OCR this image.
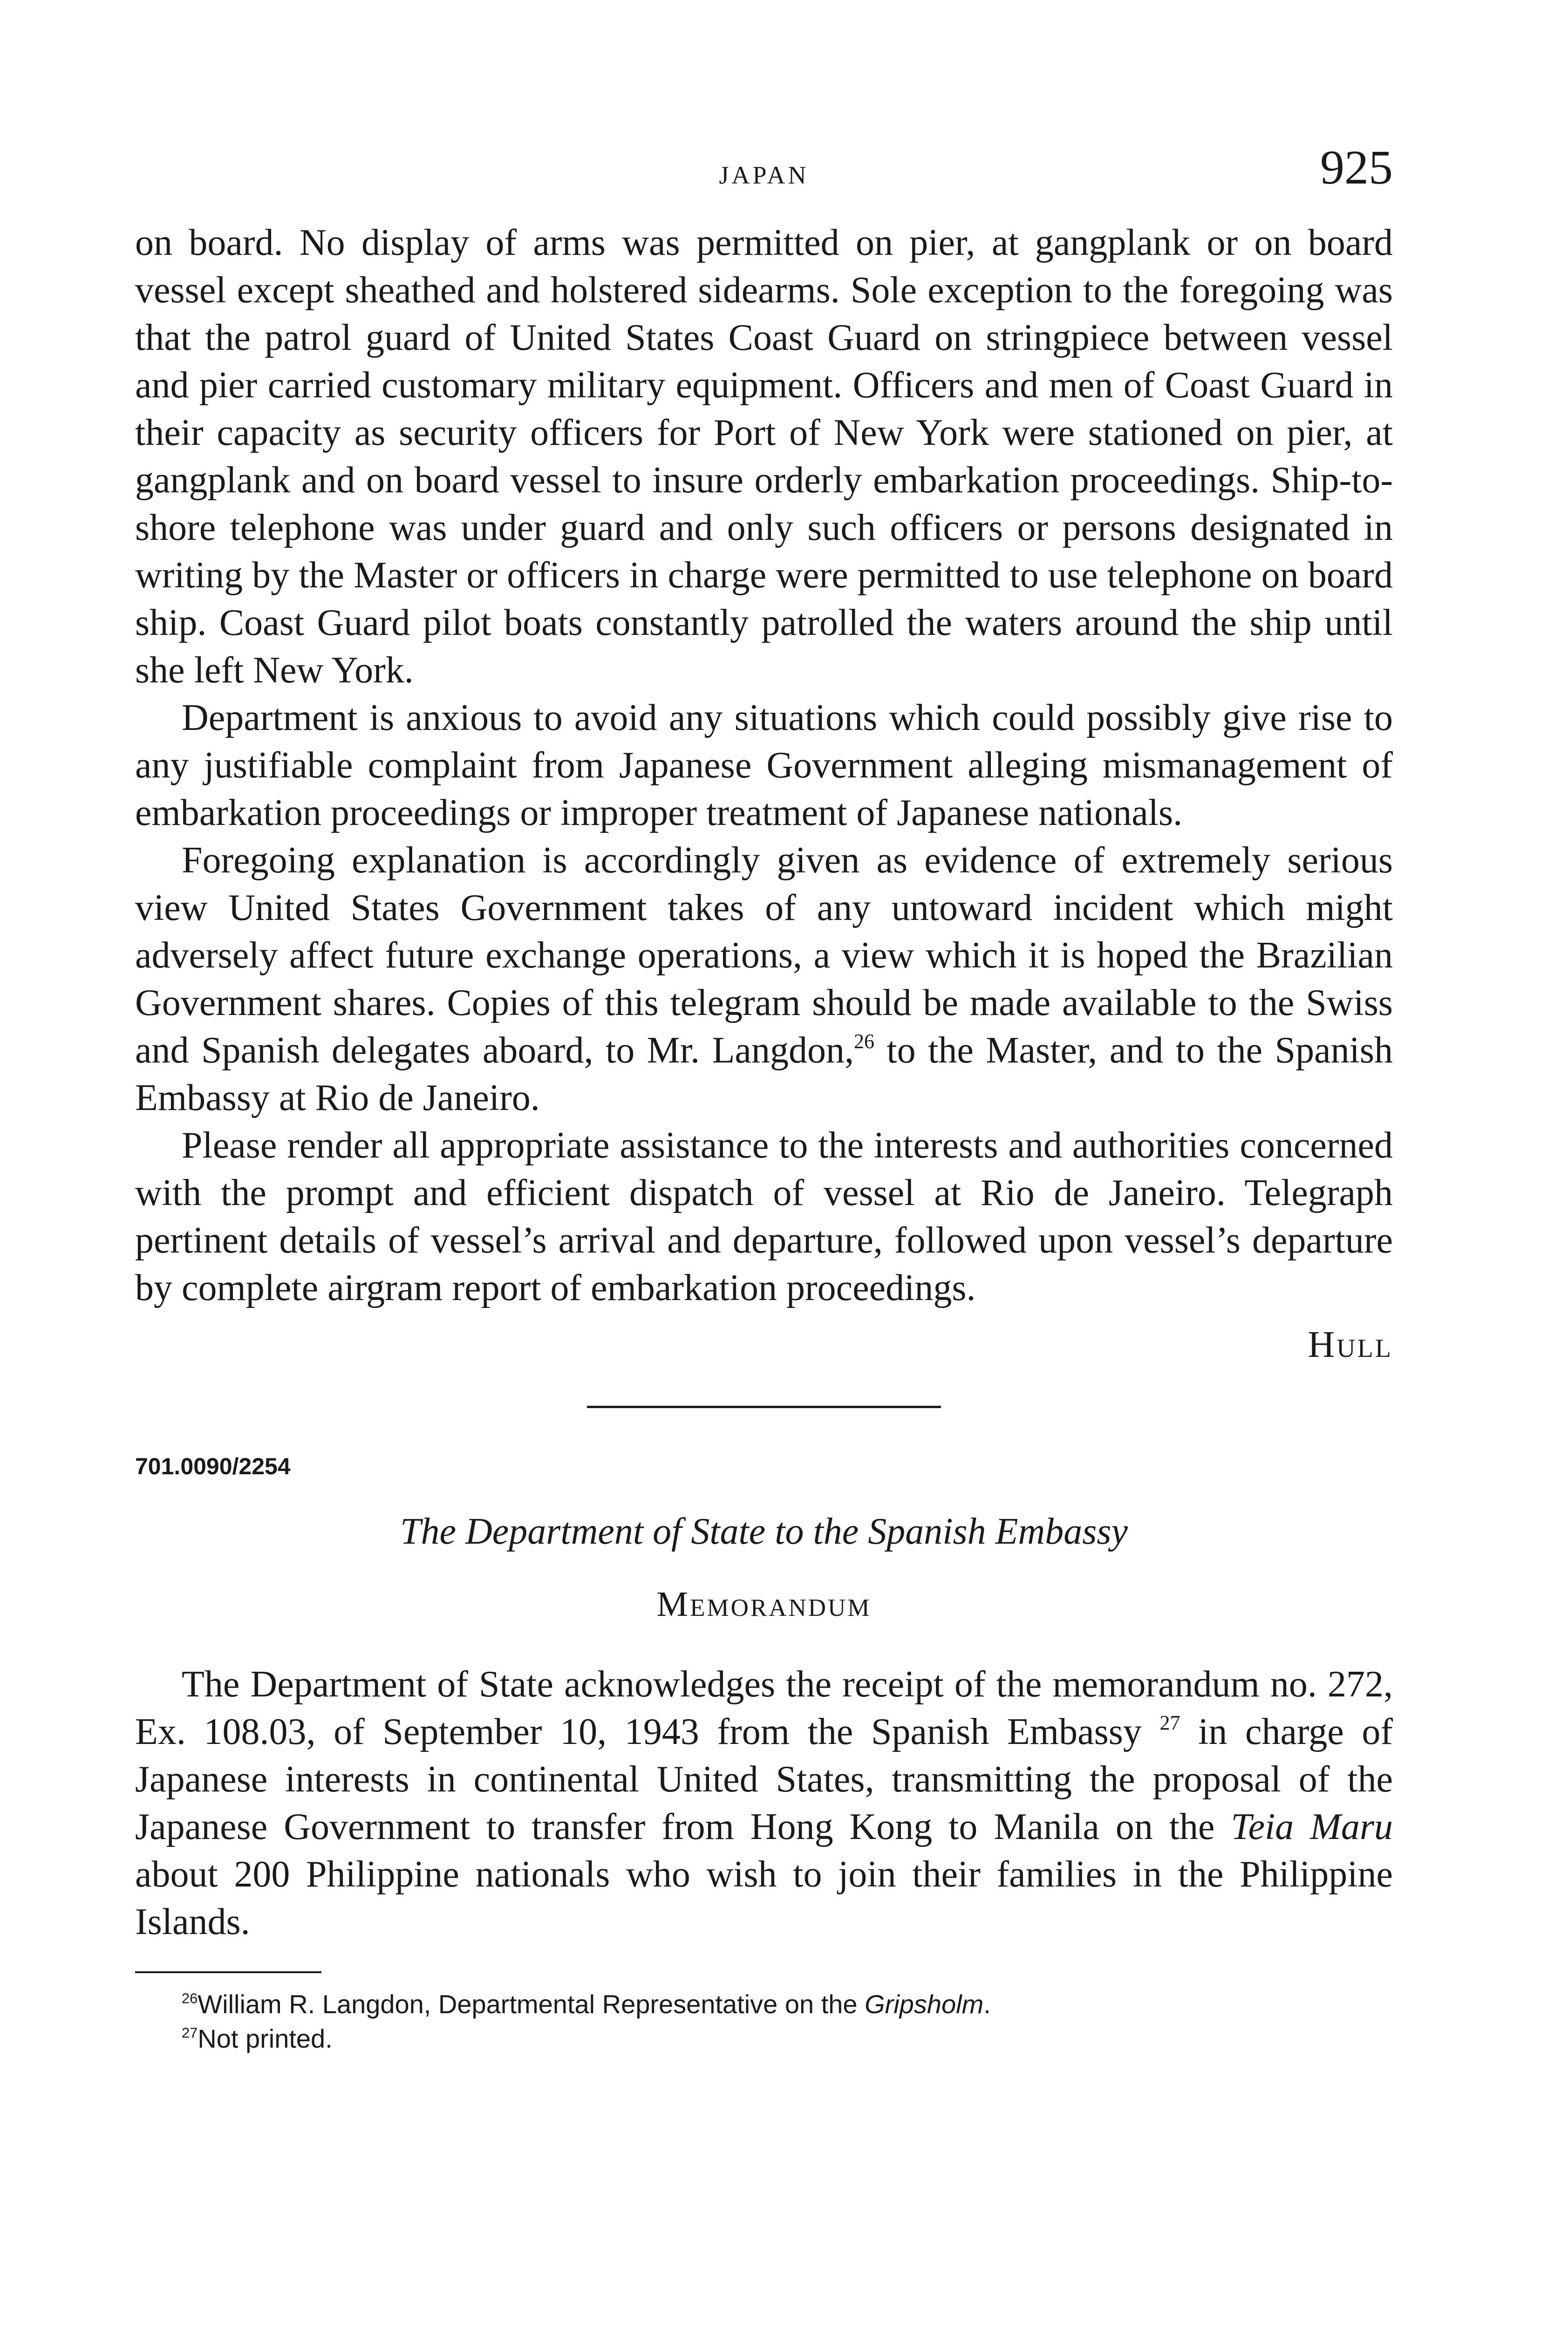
JAPAN	925

on board. No display of arms was permitted on pier, at gangplank or on board vessel except sheathed and holstered sidearms. Sole exception to the foregoing was that the patrol guard of United States Coast Guard on stringpiece between vessel and pier carried customary military equipment. Officers and men of Coast Guard in their capacity as security officers for Port of New York were stationed on pier, at gangplank and on board vessel to insure orderly embarkation proceedings. Ship-to-shore telephone was under guard and only such officers or persons designated in writing by the Master or officers in charge were permitted to use telephone on board ship. Coast Guard pilot boats constantly patrolled the waters around the ship until she left New York.

Department is anxious to avoid any situations which could possibly give rise to any justifiable complaint from Japanese Government alleging mismanagement of embarkation proceedings or improper treatment of Japanese nationals.

Foregoing explanation is accordingly given as evidence of extremely serious view United States Government takes of any untoward incident which might adversely affect future exchange operations, a view which it is hoped the Brazilian Government shares. Copies of this telegram should be made available to the Swiss and Spanish delegates aboard, to Mr. Langdon,$^{26}$ to the Master, and to the Spanish Embassy at Rio de Janeiro.

Please render all appropriate assistance to the interests and authorities concerned with the prompt and efficient dispatch of vessel at Rio de Janeiro. Telegraph pertinent details of vessel’s arrival and departure, followed upon vessel’s departure by complete airgram report of embarkation proceedings.

Hull
701.0090/2254
The Department of State to the Spanish Embassy
Memorandum

The Department of State acknowledges the receipt of the memorandum no. 272, Ex. 108.03, of September 10, 1943 from the Spanish Embassy $^{27}$ in charge of Japanese interests in continental United States, transmitting the proposal of the Japanese Government to transfer from Hong Kong to Manila on the Teia Maru about 200 Philippine nationals who wish to join their families in the Philippine Islands.

$^{26}$William R. Langdon, Departmental Representative on the Gripsholm.
$^{27}$Not printed.
